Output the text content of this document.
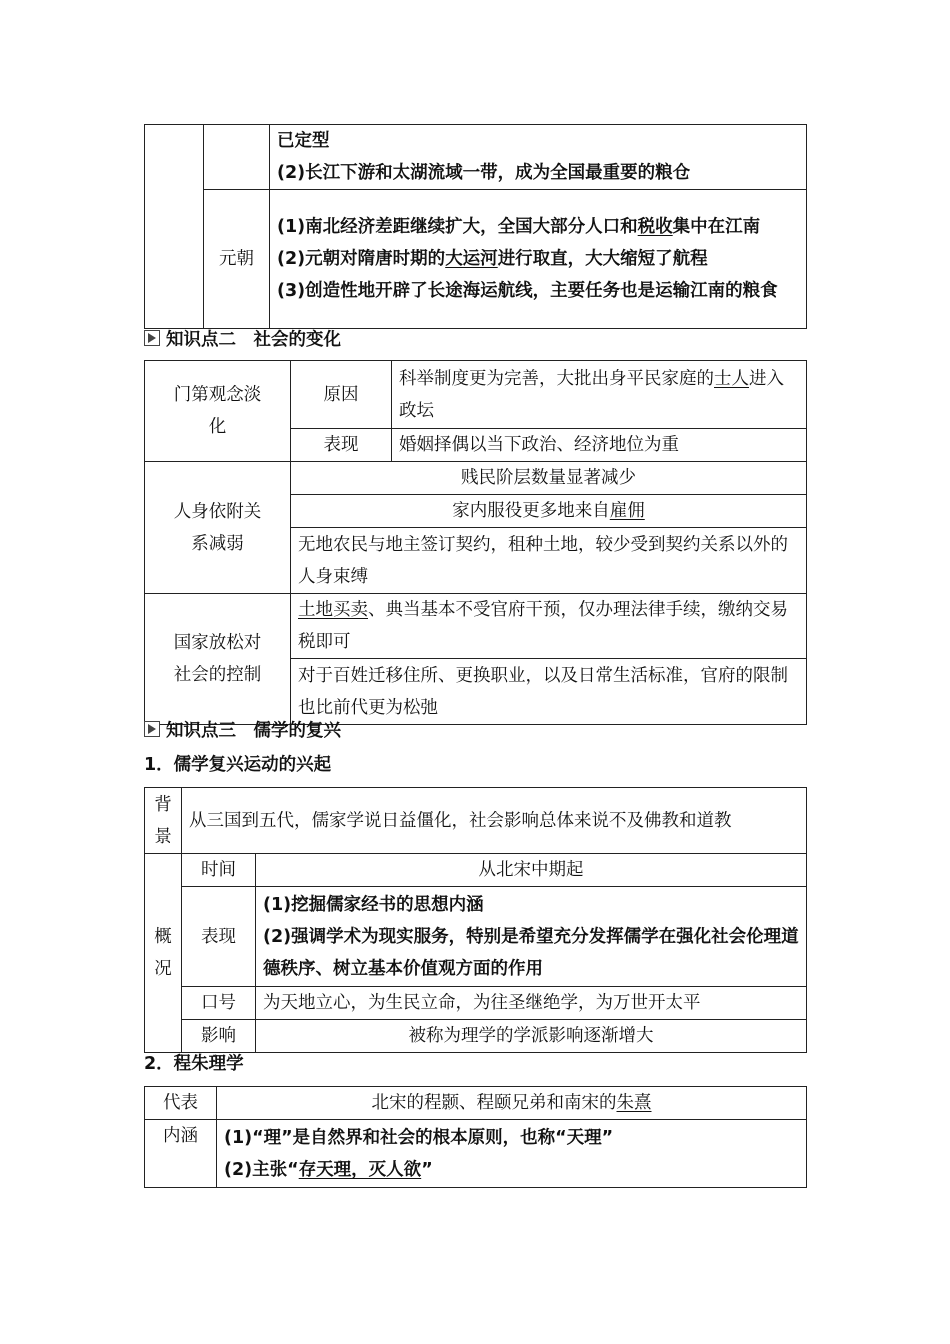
		已定型
(2)长江下游和太湖流域一带，成为全国最重要的粮仓

	元朝	(1)南北经济差距继续扩大，全国大部分人口和税收集中在江南
(2)元朝对隋唐时期的大运河进行取直，大大缩短了航程
(3)创造性地开辟了长途海运航线，主要任务也是运输江南的粮食
知识点二　社会的变化
门第观念淡化	原因	科举制度更为完善，大批出身平民家庭的士人进入政坛
	表现	婚姻择偶以当下政治、经济地位为重
人身依附关系减弱	贱民阶层数量显著减少	
	家内服役更多地来自雇佣	
	无地农民与地主签订契约，租种土地，较少受到契约关系以外的人身束缚	
国家放松对社会的控制	土地买卖、典当基本不受官府干预，仅办理法律手续，缴纳交易税即可	
	对于百姓迁移住所、更换职业，以及日常生活标准，官府的限制也比前代更为松弛	
知识点三　儒学的复兴
1．儒学复兴运动的兴起
背景	从三国到五代，儒家学说日益僵化，社会影响总体来说不及佛教和道教	
概况	时间	从北宋中期起
	表现	(1)挖掘儒家经书的思想内涵
(2)强调学术为现实服务，特别是希望充分发挥儒学在强化社会伦理道德秩序、树立基本价值观方面的作用

	口号	为天地立心，为生民立命，为往圣继绝学，为万世开太平
	影响	被称为理学的学派影响逐渐增大
2．程朱理学
代表	北宋的程颢、程颐兄弟和南宋的朱熹
内涵	(1)“理”是自然界和社会的根本原则，也称“天理”
(2)主张“存天理，灭人欲”
